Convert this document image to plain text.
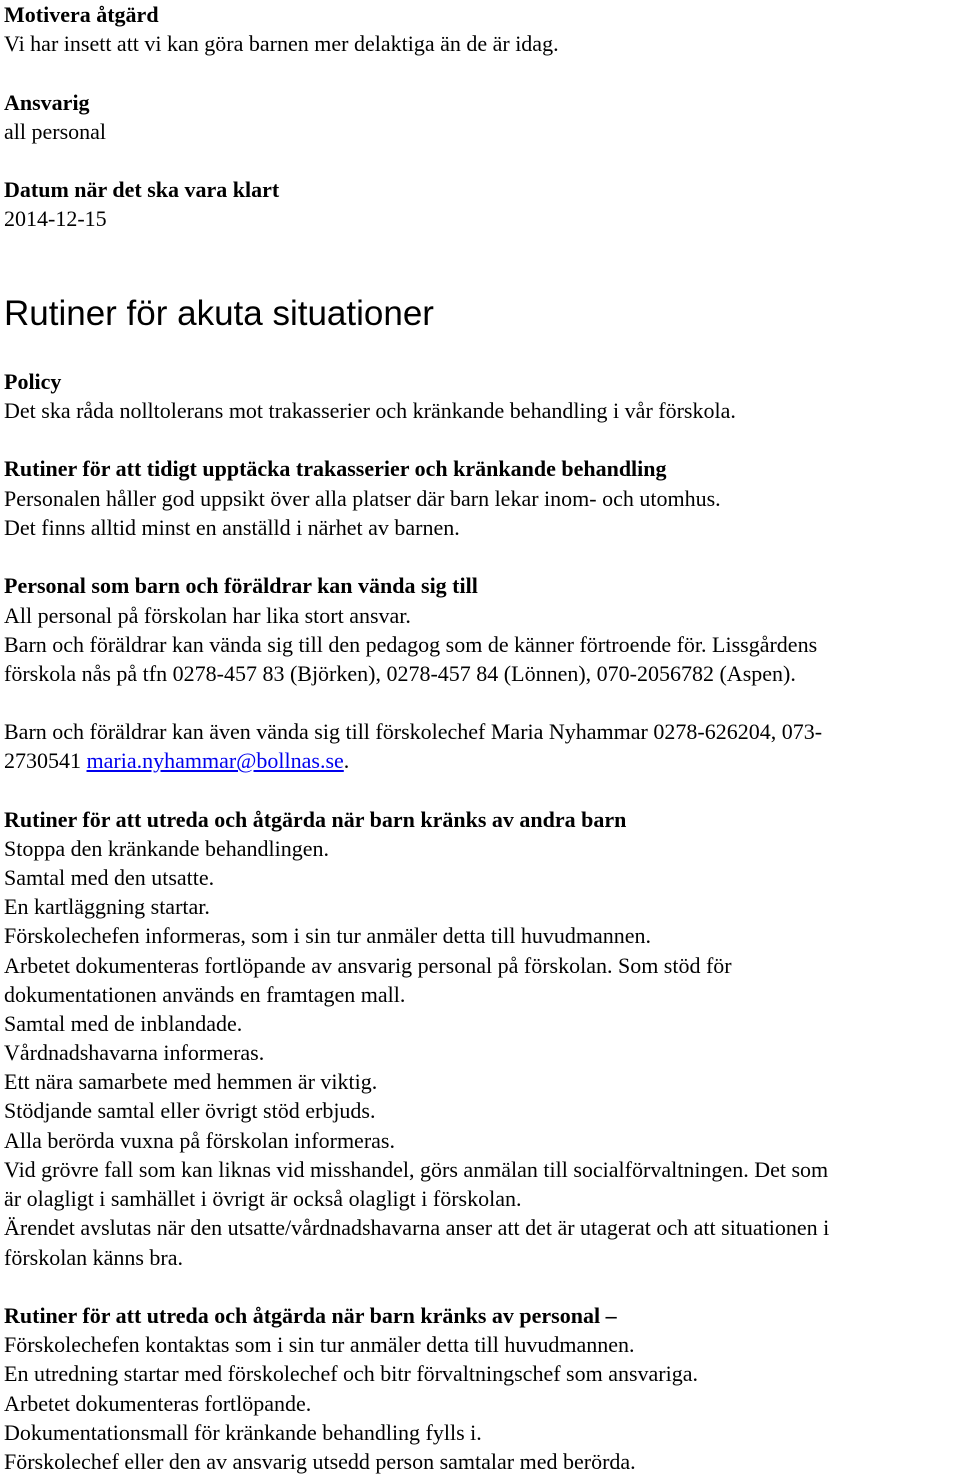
Motivera åtgärd
Vi har insett att vi kan göra barnen mer delaktiga än de är idag.
Ansvarig
all personal
Datum när det ska vara klart
2014-12-15
Rutiner för akuta situationer
Policy
Det ska råda nolltolerans mot trakasserier och kränkande behandling i vår förskola.
Rutiner för att tidigt upptäcka trakasserier och kränkande behandling
Personalen håller god uppsikt över alla platser där barn lekar inom- och utomhus.
Det finns alltid minst en anställd i närhet av barnen.
Personal som barn och föräldrar kan vända sig till
All personal på förskolan har lika stort ansvar.
Barn och föräldrar kan vända sig till den pedagog som de känner förtroende för. Lissgårdens
förskola nås på tfn 0278-457 83 (Björken), 0278-457 84 (Lönnen), 070-2056782 (Aspen).
Barn och föräldrar kan även vända sig till förskolechef Maria Nyhammar 0278-626204, 073-
2730541 maria.nyhammar@bollnas.se.
Rutiner för att utreda och åtgärda när barn kränks av andra barn
Stoppa den kränkande behandlingen.
Samtal med den utsatte.
En kartläggning startar.
Förskolechefen informeras, som i sin tur anmäler detta till huvudmannen.
Arbetet dokumenteras fortlöpande av ansvarig personal på förskolan. Som stöd för
dokumentationen används en framtagen mall.
Samtal med de inblandade.
Vårdnadshavarna informeras.
Ett nära samarbete med hemmen är viktig.
Stödjande samtal eller övrigt stöd erbjuds.
Alla berörda vuxna på förskolan informeras.
Vid grövre fall som kan liknas vid misshandel, görs anmälan till socialförvaltningen. Det som
är olagligt i samhället i övrigt är också olagligt i förskolan.
Ärendet avslutas när den utsatte/vårdnadshavarna anser att det är utagerat och att situationen i
förskolan känns bra.
Rutiner för att utreda och åtgärda när barn kränks av personal –
Förskolechefen kontaktas som i sin tur anmäler detta till huvudmannen.
En utredning startar med förskolechef och bitr förvaltningschef som ansvariga.
Arbetet dokumenteras fortlöpande.
Dokumentationsmall för kränkande behandling fylls i.
Förskolechef eller den av ansvarig utsedd person samtalar med berörda.
